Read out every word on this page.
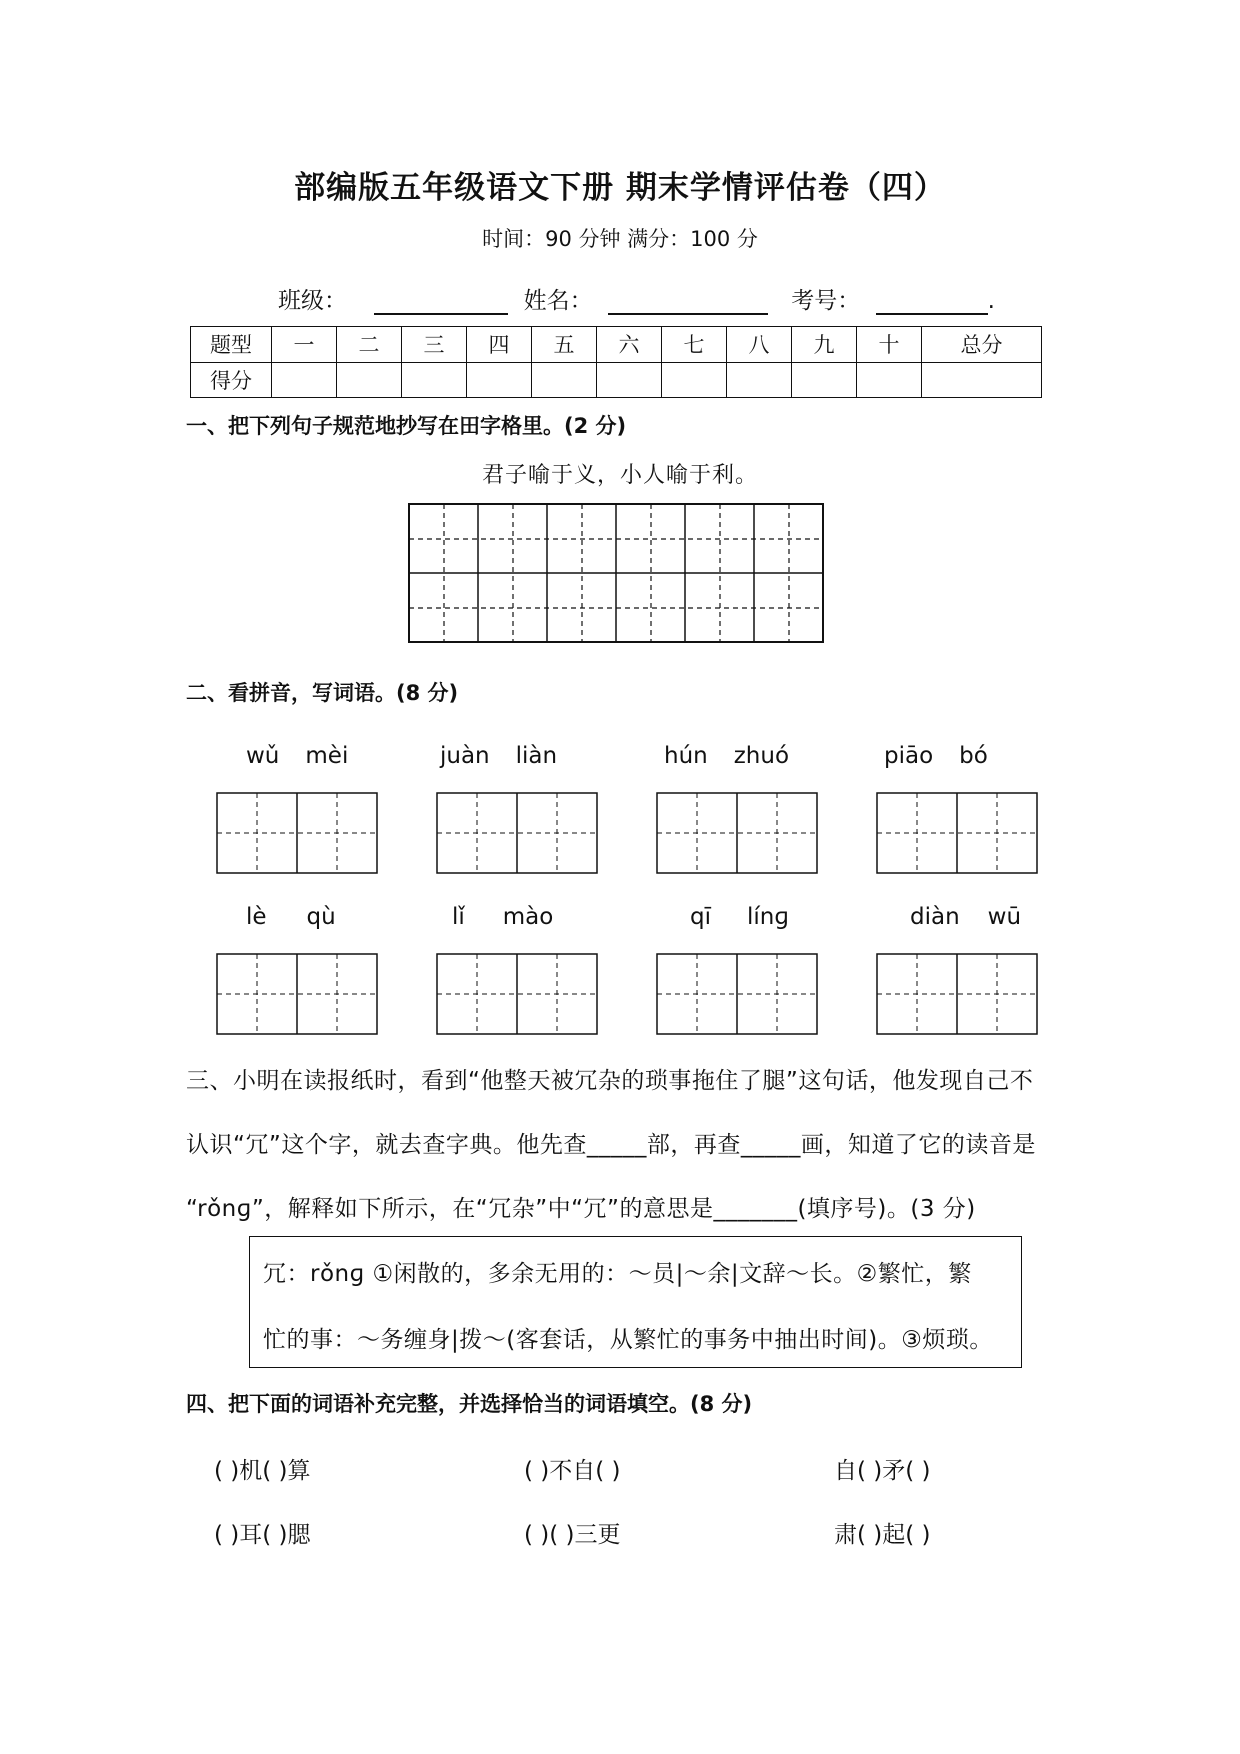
部编版五年级语文下册 期末学情评估卷（四）
时间：90 分钟 满分：100 分
班级：	姓名：	考号：	.
题型	一	二	三	四	五	六	七	八	九	十	总分
得分											
一、把下列句子规范地抄写在田字格里。(2 分)
君子喻于义，小人喻于利。
二、看拼音，写词语。(8 分)
wǔ mèi	juàn liàn	hún zhuó	piāo bó
lè qù	lǐ mào	qī línɡ	diàn wū
三、小明在读报纸时，看到“他整天被冗杂的琐事拖住了腿”这句话，他发现自己不
认识“冗”这个字，就去查字典。他先查_____部，再查_____画，知道了它的读音是
“rǒnɡ”，解释如下所示，在“冗杂”中“冗”的意思是_______(填序号)。(3 分)
冗：rǒnɡ ①闲散的，多余无用的：～员|～余|文辞～长。②繁忙，繁
忙的事：～务缠身|拨～(客套话，从繁忙的事务中抽出时间)。③烦琐。
四、把下面的词语补充完整，并选择恰当的词语填空。(8 分)
( )机( )算	( )不自( )	自( )矛( )
( )耳( )腮	( )( )三更	肃( )起( )
